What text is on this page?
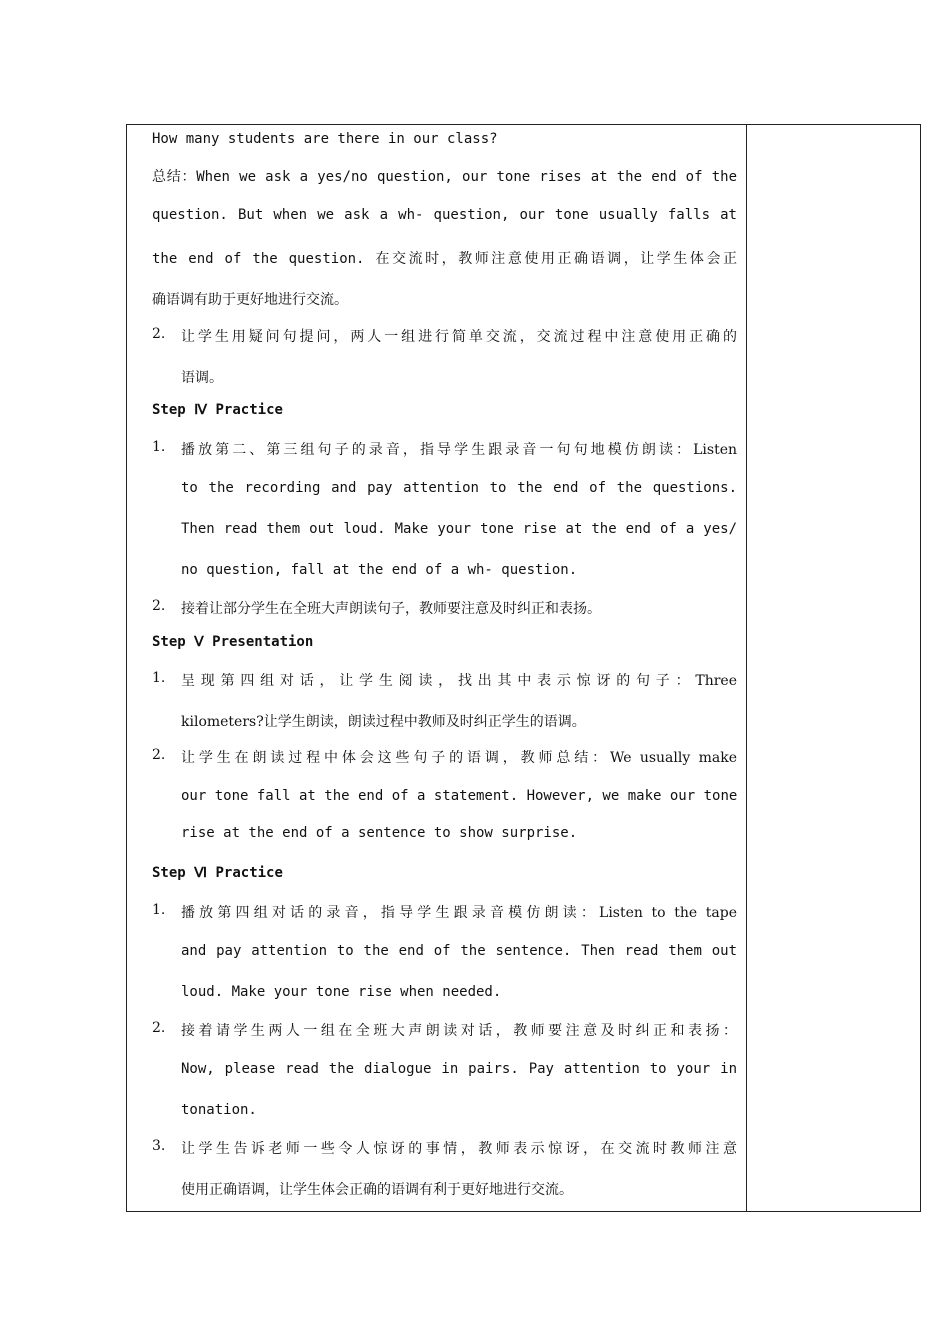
How many students are there in our class?
总结：When we ask a yes/no question, our tone rises at the end of the
question. But when we ask a wh- question, our tone usually falls at
the end of the question. 在交流时，教师注意使用正确语调，让学生体会正
确语调有助于更好地进行交流。
2. 让学生用疑问句提问，两人一组进行简单交流，交流过程中注意使用正确的
语调。
Step Ⅳ Practice
1. 播放第二、第三组句子的录音，指导学生跟录音一句句地模仿朗读：Listen
to the recording and pay attention to the end of the questions.
Then read them out loud. Make your tone rise at the end of a yes/
no question, fall at the end of a wh- question.
2. 接着让部分学生在全班大声朗读句子，教师要注意及时纠正和表扬。
Step Ⅴ Presentation
1. 呈现第四组对话，让学生阅读，找出其中表示惊讶的句子：Three
kilometers?让学生朗读，朗读过程中教师及时纠正学生的语调。
2. 让学生在朗读过程中体会这些句子的语调，教师总结：We usually make
our tone fall at the end of a statement. However, we make our tone
rise at the end of a sentence to show surprise.
Step Ⅵ Practice
1. 播放第四组对话的录音，指导学生跟录音模仿朗读：Listen to the tape
and pay attention to the end of the sentence. Then read them out
loud. Make your tone rise when needed.
2. 接着请学生两人一组在全班大声朗读对话，教师要注意及时纠正和表扬：
Now, please read the dialogue in pairs. Pay attention to your in
tonation.
3. 让学生告诉老师一些令人惊讶的事情，教师表示惊讶，在交流时教师注意
使用正确语调，让学生体会正确的语调有利于更好地进行交流。
